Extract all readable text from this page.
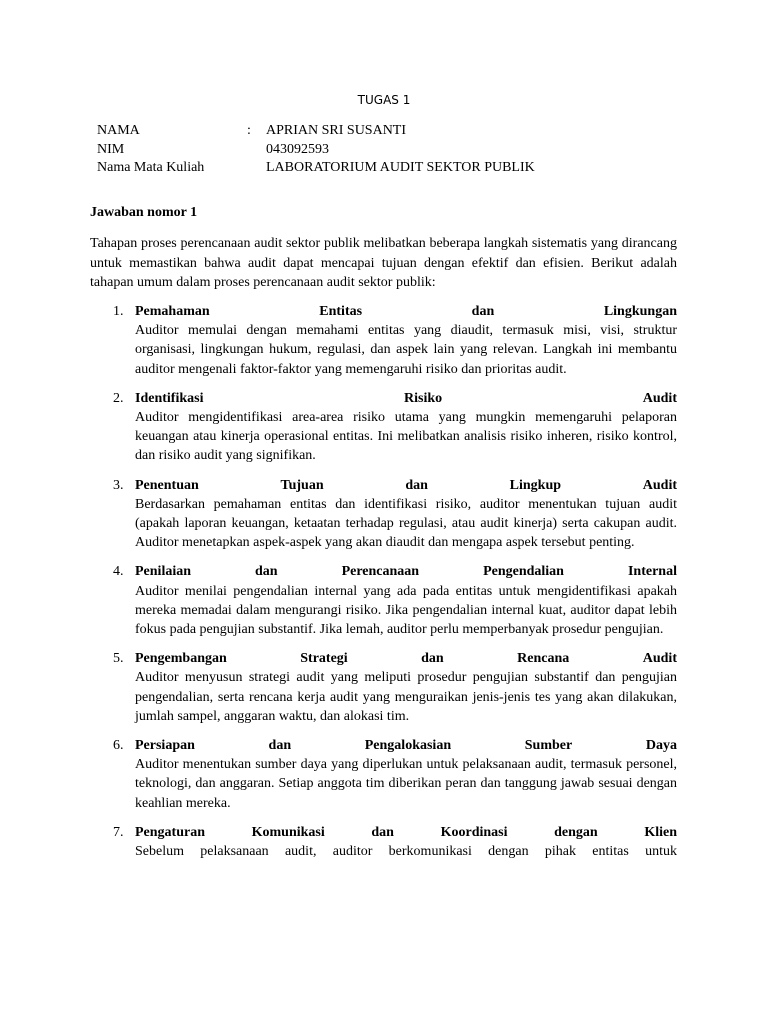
TUGAS 1
NAMA	:	APRIAN SRI SUSANTI
NIM	043092593
Nama Mata Kuliah	LABORATORIUM AUDIT SEKTOR PUBLIK
Jawaban nomor 1
Tahapan proses perencanaan audit sektor publik melibatkan beberapa langkah sistematis yang dirancang untuk memastikan bahwa audit dapat mencapai tujuan dengan efektif dan efisien. Berikut adalah tahapan umum dalam proses perencanaan audit sektor publik:
1. Pemahaman	Entitas	dan	Lingkungan
Auditor memulai dengan memahami entitas yang diaudit, termasuk misi, visi, struktur organisasi, lingkungan hukum, regulasi, dan aspek lain yang relevan. Langkah ini membantu auditor mengenali faktor-faktor yang memengaruhi risiko dan prioritas audit.
2. Identifikasi	Risiko	Audit
Auditor mengidentifikasi area-area risiko utama yang mungkin memengaruhi pelaporan keuangan atau kinerja operasional entitas. Ini melibatkan analisis risiko inheren, risiko kontrol, dan risiko audit yang signifikan.
3. Penentuan	Tujuan	dan	Lingkup	Audit
Berdasarkan pemahaman entitas dan identifikasi risiko, auditor menentukan tujuan audit (apakah laporan keuangan, ketaatan terhadap regulasi, atau audit kinerja) serta cakupan audit. Auditor menetapkan aspek-aspek yang akan diaudit dan mengapa aspek tersebut penting.
4. Penilaian	dan	Perencanaan	Pengendalian	Internal
Auditor menilai pengendalian internal yang ada pada entitas untuk mengidentifikasi apakah mereka memadai dalam mengurangi risiko. Jika pengendalian internal kuat, auditor dapat lebih fokus pada pengujian substantif. Jika lemah, auditor perlu memperbanyak prosedur pengujian.
5. Pengembangan	Strategi	dan	Rencana	Audit
Auditor menyusun strategi audit yang meliputi prosedur pengujian substantif dan pengujian pengendalian, serta rencana kerja audit yang menguraikan jenis-jenis tes yang akan dilakukan, jumlah sampel, anggaran waktu, dan alokasi tim.
6. Persiapan	dan	Pengalokasian	Sumber	Daya
Auditor menentukan sumber daya yang diperlukan untuk pelaksanaan audit, termasuk personel, teknologi, dan anggaran. Setiap anggota tim diberikan peran dan tanggung jawab sesuai dengan keahlian mereka.
7. Pengaturan	Komunikasi	dan	Koordinasi	dengan	Klien
Sebelum pelaksanaan audit, auditor berkomunikasi dengan pihak entitas untuk
